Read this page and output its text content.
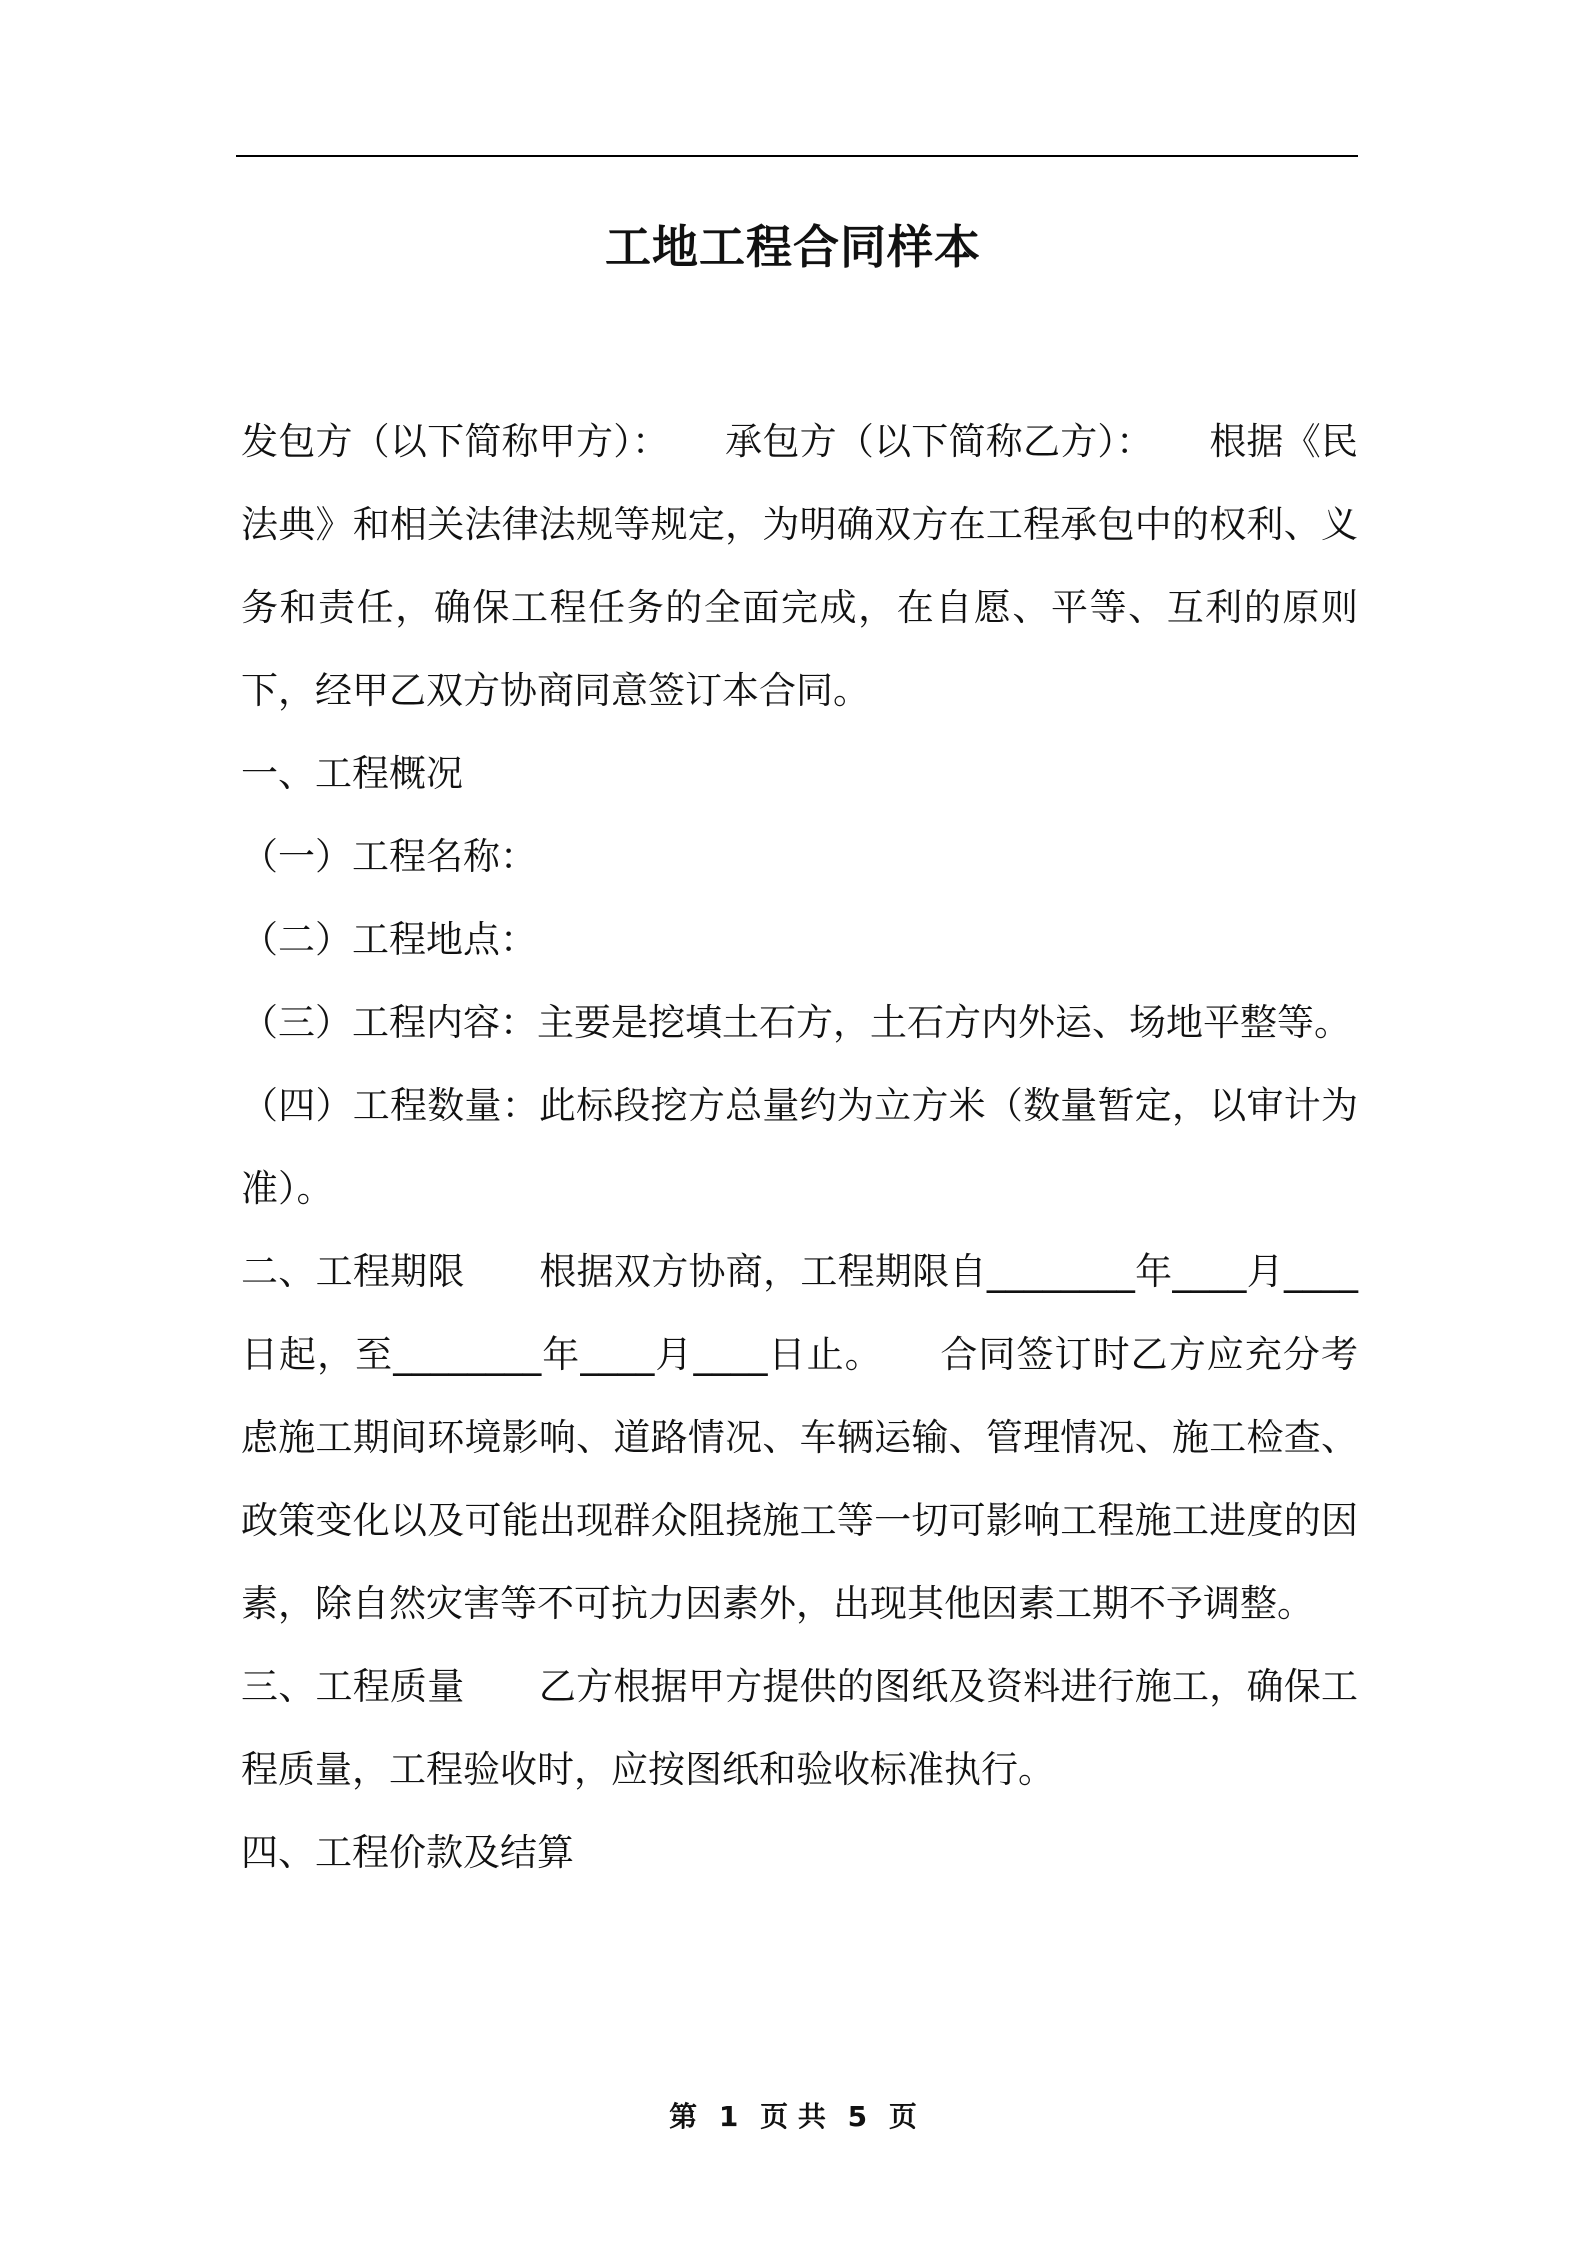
工地工程合同样本

发包方（以下简称甲方）：　　承包方（以下简称乙方）：　　根据《民法典》和相关法律法规等规定，为明确双方在工程承包中的权利、义务和责任，确保工程任务的全面完成，在自愿、平等、互利的原则下，经甲乙双方协商同意签订本合同。

一、工程概况

（一）工程名称：

（二）工程地点：

（三）工程内容：主要是挖填土石方，土石方内外运、场地平整等。

（四）工程数量：此标段挖方总量约为立方米（数量暂定，以审计为准）。

二、工程期限　　根据双方协商，工程期限自________年____月____日起，至________年____月____日止。　　合同签订时乙方应充分考虑施工期间环境影响、道路情况、车辆运输、管理情况、施工检查、政策变化以及可能出现群众阻挠施工等一切可影响工程施工进度的因素，除自然灾害等不可抗力因素外，出现其他因素工期不予调整。

三、工程质量　　乙方根据甲方提供的图纸及资料进行施工，确保工程质量，工程验收时，应按图纸和验收标准执行。

四、工程价款及结算

第 1 页 共 5 页
